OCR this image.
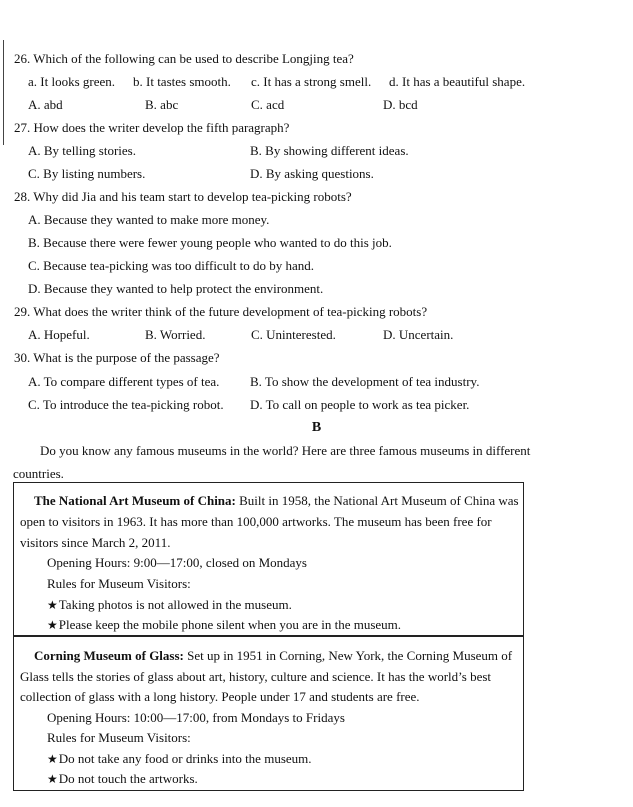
26. Which of the following can be used to describe Longjing tea?
a. It looks green. b. It tastes smooth. c. It has a strong smell. d. It has a beautiful shape.
A. abd	B. abc	C. acd	D. bcd
27. How does the writer develop the fifth paragraph?
A. By telling stories.	B. By showing different ideas.
C. By listing numbers.	D. By asking questions.
28. Why did Jia and his team start to develop tea-picking robots?
A. Because they wanted to make more money.
B. Because there were fewer young people who wanted to do this job.
C. Because tea-picking was too difficult to do by hand.
D. Because they wanted to help protect the environment.
29. What does the writer think of the future development of tea-picking robots?
A. Hopeful.	B. Worried.	C. Uninterested.	D. Uncertain.
30. What is the purpose of the passage?
A. To compare different types of tea. B. To show the development of tea industry.
C. To introduce the tea-picking robot. D. To call on people to work as tea picker.
B
Do you know any famous museums in the world? Here are three famous museums in different
countries.
The National Art Museum of China: Built in 1958, the National Art Museum of China was
open to visitors in 1963. It has more than 100,000 artworks. The museum has been free for
visitors since March 2, 2011.
Opening Hours: 9:00—17:00, closed on Mondays
Rules for Museum Visitors:
★Taking photos is not allowed in the museum.
★Please keep the mobile phone silent when you are in the museum.
Corning Museum of Glass: Set up in 1951 in Corning, New York, the Corning Museum of
Glass tells the stories of glass about art, history, culture and science. It has the world’s best
collection of glass with a long history. People under 17 and students are free.
Opening Hours: 10:00—17:00, from Mondays to Fridays
Rules for Museum Visitors:
★Do not take any food or drinks into the museum.
★Do not touch the artworks.
